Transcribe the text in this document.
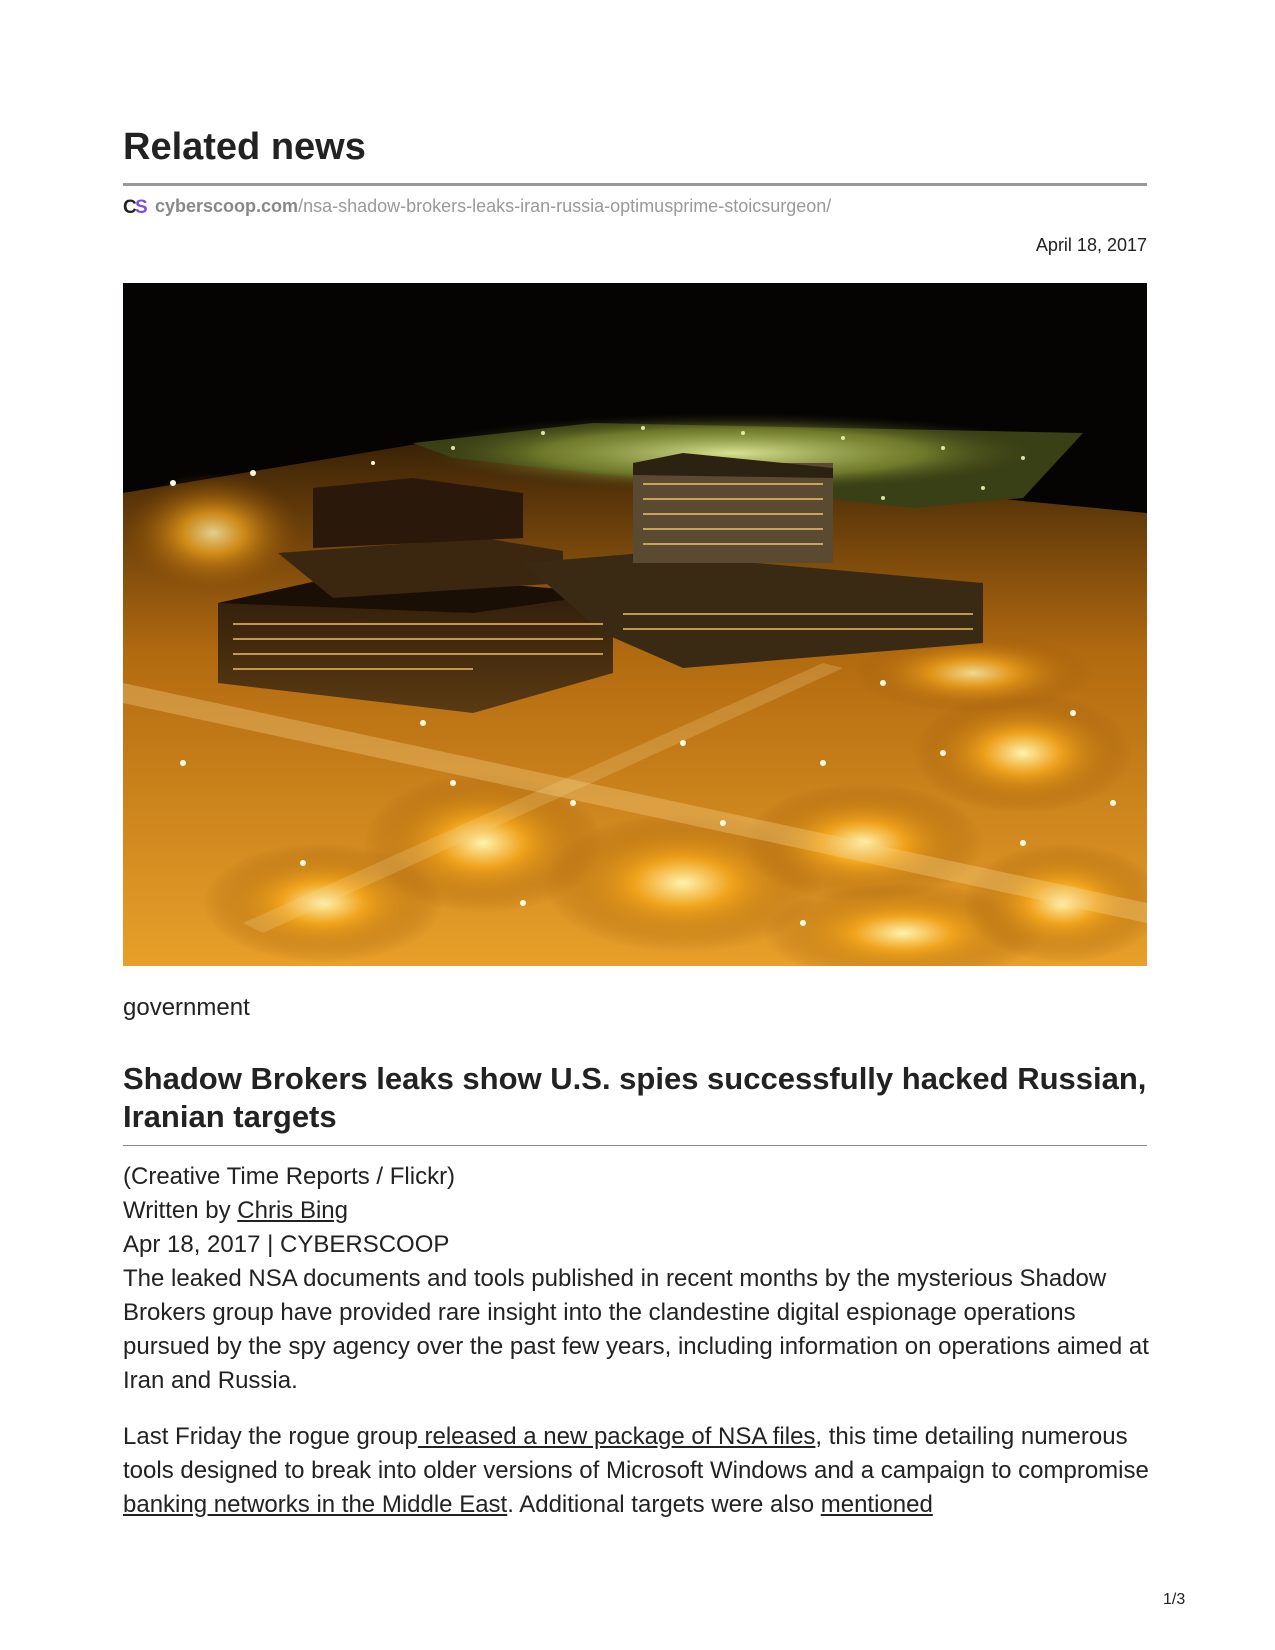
Related news
C
S cyberscoop.com /nsa-shadow-brokers-leaks-iran-russia-optimusprime-stoicsurgeon/
April 18, 2017
government
Shadow Brokers leaks show U.S. spies successfully hacked Russian, Iranian targets

(Creative Time Reports / Flickr)

Written by Chris Bing

Apr 18, 2017 | CYBERSCOOP

The leaked NSA documents and tools published in recent months by the mysterious Shadow Brokers group have provided rare insight into the clandestine digital espionage operations pursued by the spy agency over the past few years, including information on operations aimed at Iran and Russia.

Last Friday the rogue group released a new package of NSA files, this time detailing numerous tools designed to break into older versions of Microsoft Windows and a campaign to compromise banking networks in the Middle East. Additional targets were also mentioned

1/3
